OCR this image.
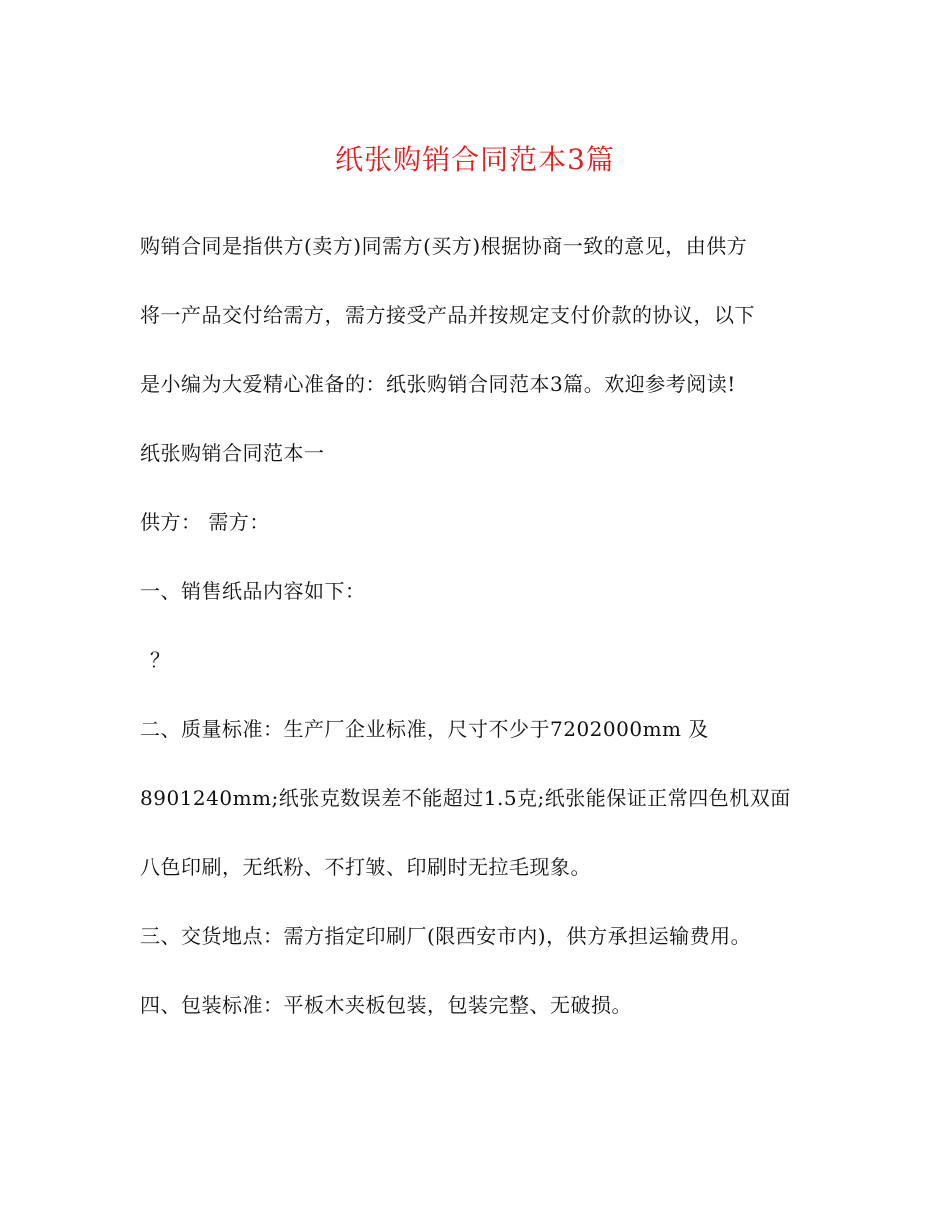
纸张购销合同范本3篇
购销合同是指供方(卖方)同需方(买方)根据协商一致的意见，由供方
将一产品交付给需方，需方接受产品并按规定支付价款的协议，以下
是小编为大爱精心准备的：纸张购销合同范本3篇。欢迎参考阅读!
纸张购销合同范本一
供方： 需方：
一、销售纸品内容如下：
？
二、质量标准：生产厂企业标准，尺寸不少于7202000mm 及
8901240mm;纸张克数误差不能超过1.5克;纸张能保证正常四色机双面
八色印刷，无纸粉、不打皱、印刷时无拉毛现象。
三、交货地点：需方指定印刷厂(限西安市内)，供方承担运输费用。
四、包装标准：平板木夹板包装，包装完整、无破损。
